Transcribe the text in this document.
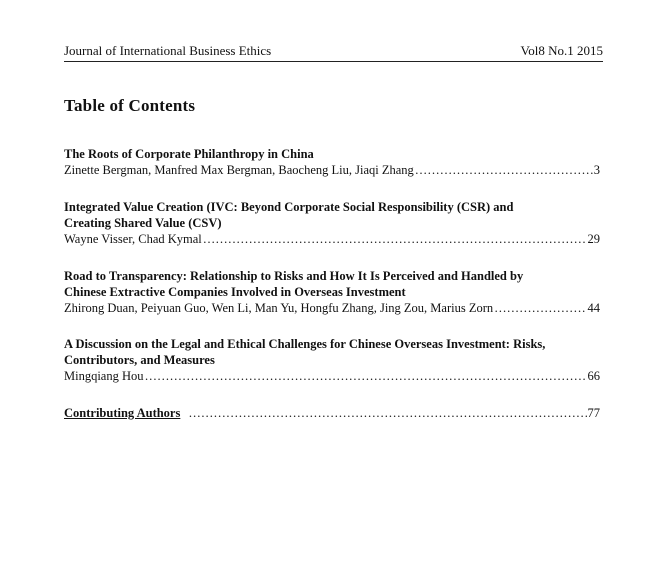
Journal of International Business Ethics	Vol8 No.1 2015
Table of Contents
The Roots of Corporate Philanthropy in China
Zinette Bergman, Manfred Max Bergman, Baocheng Liu, Jiaqi Zhang …………………………………………………………………………………………………………………………………………	3
Integrated Value Creation (IVC: Beyond Corporate Social Responsibility (CSR) and
Creating Shared Value (CSV)
Wayne Visser, Chad Kymal …………………………………………………………………………………………………………………………………………	29
Road to Transparency: Relationship to Risks and How It Is Perceived and Handled by
Chinese Extractive Companies Involved in Overseas Investment
Zhirong Duan, Peiyuan Guo, Wen Li, Man Yu, Hongfu Zhang, Jing Zou, Marius Zorn …………………………………………………………………………………………………………………………………………	44
A Discussion on the Legal and Ethical Challenges for Chinese Overseas Investment: Risks,
Contributors, and Measures
Mingqiang Hou …………………………………………………………………………………………………………………………………………	66
Contributing Authors …………………………………………………………………………………………………………………………………………	77
